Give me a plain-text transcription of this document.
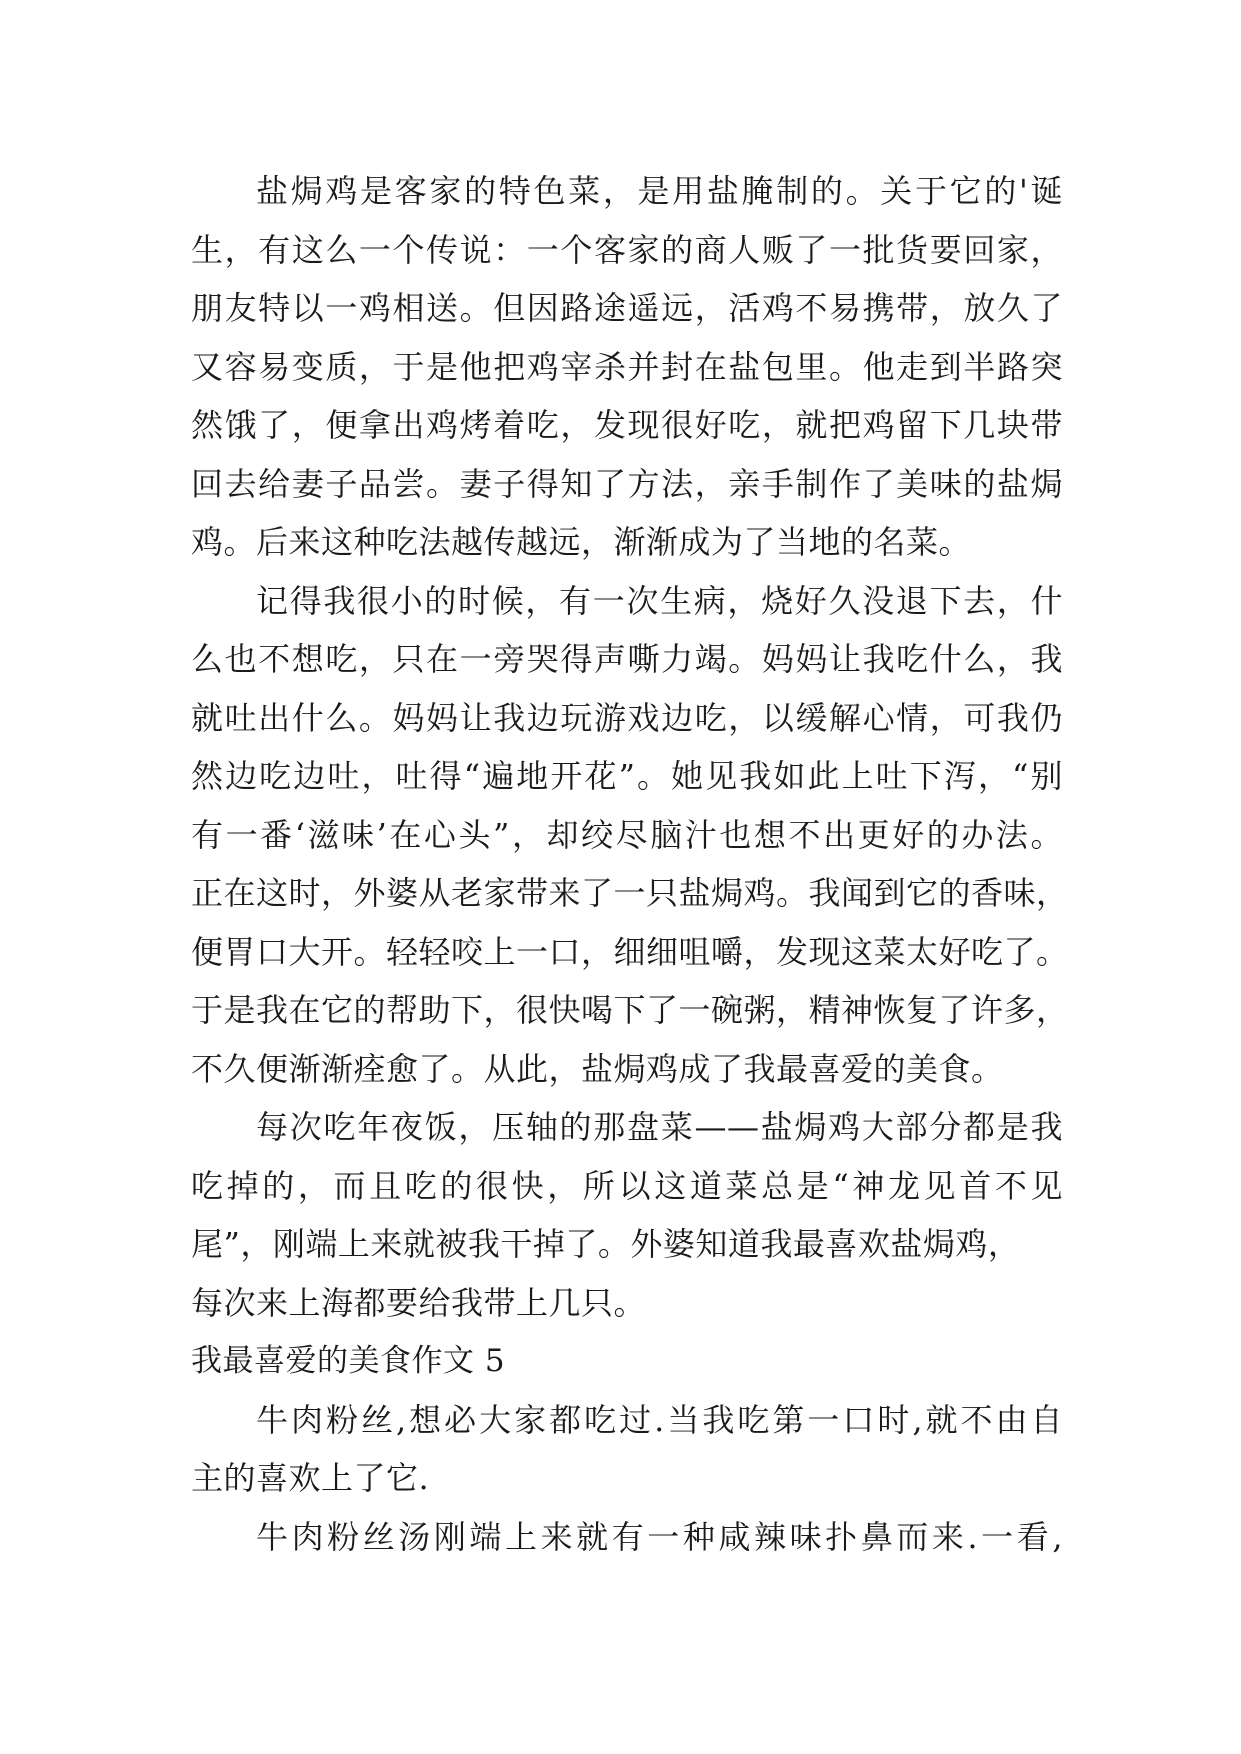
盐焗鸡是客家的特色菜，是用盐腌制的。关于它的'诞
生，有这么一个传说：一个客家的商人贩了一批货要回家，
朋友特以一鸡相送。但因路途遥远，活鸡不易携带，放久了
又容易变质，于是他把鸡宰杀并封在盐包里。他走到半路突
然饿了，便拿出鸡烤着吃，发现很好吃，就把鸡留下几块带
回去给妻子品尝。妻子得知了方法，亲手制作了美味的盐焗
鸡。后来这种吃法越传越远，渐渐成为了当地的名菜。
记得我很小的时候，有一次生病，烧好久没退下去，什
么也不想吃，只在一旁哭得声嘶力竭。妈妈让我吃什么，我
就吐出什么。妈妈让我边玩游戏边吃，以缓解心情，可我仍
然边吃边吐，吐得“遍地开花”。她见我如此上吐下泻，“别
有一番‘滋味’在心头”，却绞尽脑汁也想不出更好的办法。
正在这时，外婆从老家带来了一只盐焗鸡。我闻到它的香味，
便胃口大开。轻轻咬上一口，细细咀嚼，发现这菜太好吃了。
于是我在它的帮助下，很快喝下了一碗粥，精神恢复了许多，
不久便渐渐痊愈了。从此，盐焗鸡成了我最喜爱的美食。
每次吃年夜饭，压轴的那盘菜——盐焗鸡大部分都是我
吃掉的，而且吃的很快，所以这道菜总是“神龙见首不见
尾”，刚端上来就被我干掉了。外婆知道我最喜欢盐焗鸡，
每次来上海都要给我带上几只。
我最喜爱的美食作文 5
牛肉粉丝,想必大家都吃过.当我吃第一口时,就不由自
主的喜欢上了它.
牛肉粉丝汤刚端上来就有一种咸辣味扑鼻而来.一看,
